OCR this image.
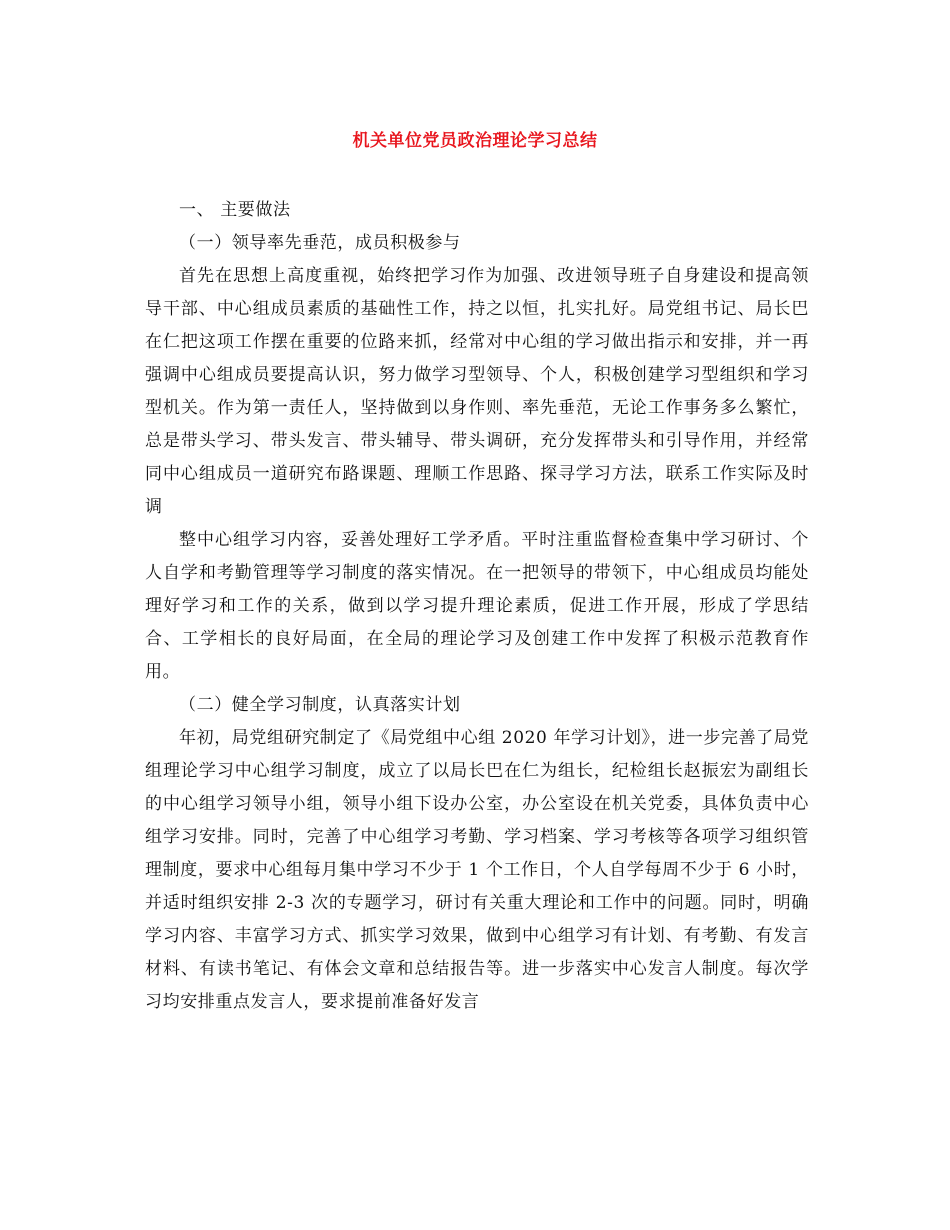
机关单位党员政治理论学习总结

一、 主要做法

（一）领导率先垂范，成员积极参与

首先在思想上高度重视，始终把学习作为加强、改进领导班子自身建设和提高领导干部、中心组成员素质的基础性工作，持之以恒，扎实扎好。局党组书记、局长巴在仁把这项工作摆在重要的位路来抓，经常对中心组的学习做出指示和安排，并一再强调中心组成员要提高认识，努力做学习型领导、个人，积极创建学习型组织和学习型机关。作为第一责任人，坚持做到以身作则、率先垂范，无论工作事务多么繁忙，总是带头学习、带头发言、带头辅导、带头调研，充分发挥带头和引导作用，并经常同中心组成员一道研究布路课题、理顺工作思路、探寻学习方法，联系工作实际及时调

整中心组学习内容，妥善处理好工学矛盾。平时注重监督检查集中学习研讨、个人自学和考勤管理等学习制度的落实情况。在一把领导的带领下，中心组成员均能处理好学习和工作的关系，做到以学习提升理论素质，促进工作开展，形成了学思结合、工学相长的良好局面，在全局的理论学习及创建工作中发挥了积极示范教育作用。

（二）健全学习制度，认真落实计划

年初，局党组研究制定了《局党组中心组 2020 年学习计划》，进一步完善了局党组理论学习中心组学习制度，成立了以局长巴在仁为组长，纪检组长赵振宏为副组长的中心组学习领导小组，领导小组下设办公室，办公室设在机关党委，具体负责中心组学习安排。同时，完善了中心组学习考勤、学习档案、学习考核等各项学习组织管理制度，要求中心组每月集中学习不少于 1 个工作日，个人自学每周不少于 6 小时，并适时组织安排 2-3 次的专题学习，研讨有关重大理论和工作中的问题。同时，明确学习内容、丰富学习方式、抓实学习效果，做到中心组学习有计划、有考勤、有发言材料、有读书笔记、有体会文章和总结报告等。进一步落实中心发言人制度。每次学习均安排重点发言人，要求提前准备好发言
